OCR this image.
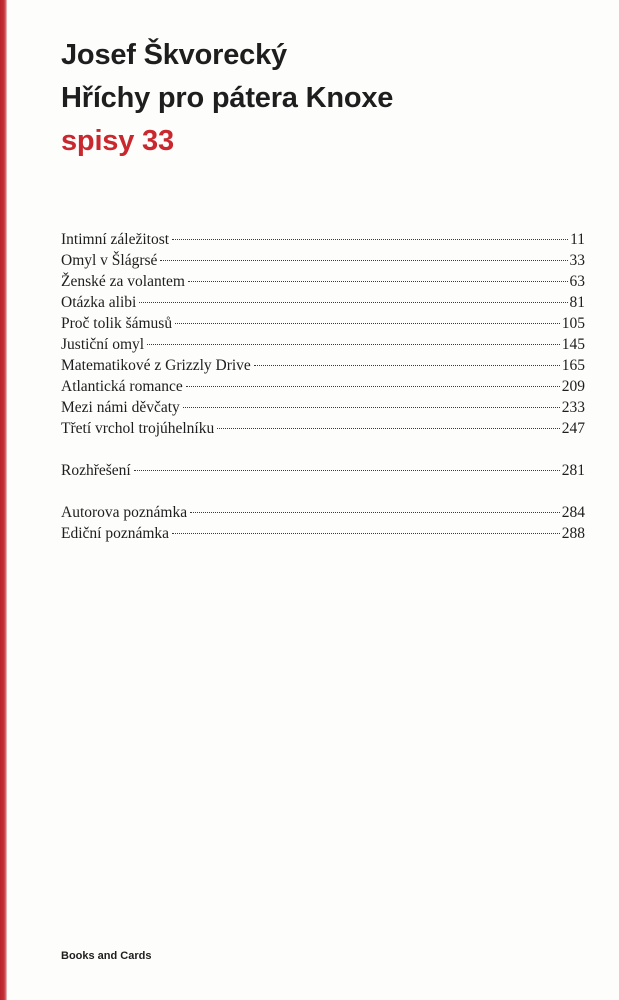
Josef Škvorecký
Hříchy pro pátera Knoxe
spisy 33
Intimní záležitost	11
Omyl v Šlágrsé	33
Ženské za volantem	63
Otázka alibi	81
Proč tolik šámusů	105
Justiční omyl	145
Matematikové z Grizzly Drive	165
Atlantická romance	209
Mezi námi děvčaty	233
Třetí vrchol trojúhelníku	247
Rozhřešení	281
Autorova poznámka	284
Ediční poznámka	288
Books and Cards
